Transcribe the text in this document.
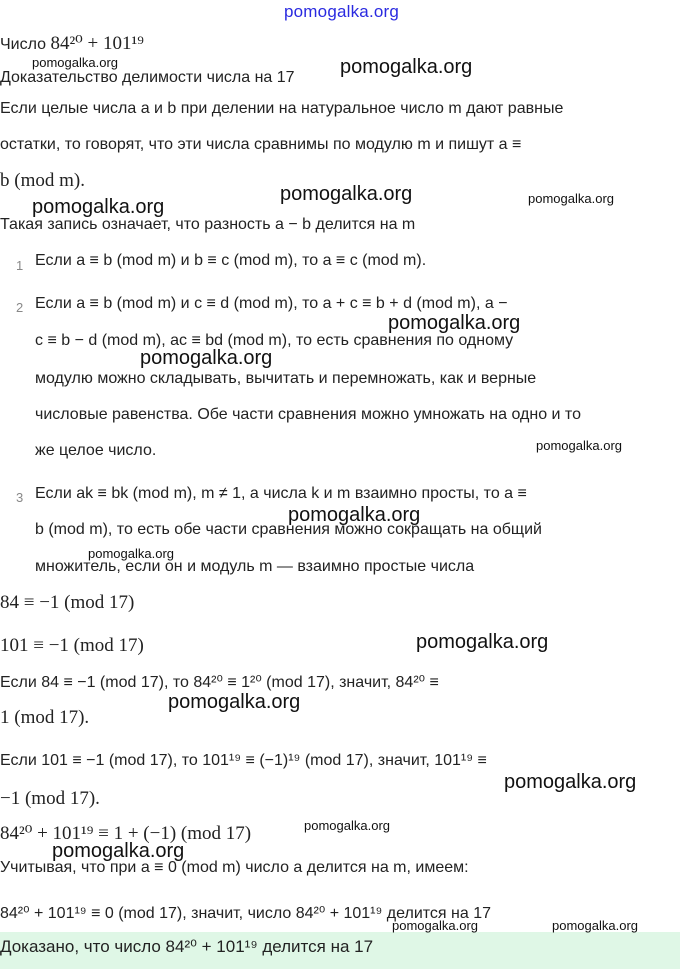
pomogalka.org
Число 84²⁰ + 101¹⁹
Доказательство делимости числа на 17
Если целые числа a и b при делении на натуральное число m дают равные
остатки, то говорят, что эти числа сравнимы по модулю m и пишут a ≡
b (mod m).
Такая запись означает, что разность a − b делится на m
1 Если a ≡ b (mod m) и b ≡ c (mod m), то a ≡ c (mod m).
2 Если a ≡ b (mod m) и c ≡ d (mod m), то a + c ≡ b + d (mod m), a −
c ≡ b − d (mod m), ac ≡ bd (mod m), то есть сравнения по одному
модулю можно складывать, вычитать и перемножать, как и верные
числовые равенства. Обе части сравнения можно умножать на одно и то
же целое число.
3 Если ak ≡ bk (mod m), m ≠ 1, а числа k и m взаимно просты, то a ≡
b (mod m), то есть обе части сравнения можно сокращать на общий
множитель, если он и модуль m — взаимно простые числа
84 ≡ −1 (mod 17)
101 ≡ −1 (mod 17)
Если 84 ≡ −1 (mod 17), то 84²⁰ ≡ 1²⁰ (mod 17), значит, 84²⁰ ≡
1 (mod 17).
Если 101 ≡ −1 (mod 17), то 101¹⁹ ≡ (−1)¹⁹ (mod 17), значит, 101¹⁹ ≡
−1 (mod 17).
84²⁰ + 101¹⁹ ≡ 1 + (−1) (mod 17)
Учитывая, что при a ≡ 0 (mod m) число a делится на m, имеем:
84²⁰ + 101¹⁹ ≡ 0 (mod 17), значит, число 84²⁰ + 101¹⁹ делится на 17
Доказано, что число 84²⁰ + 101¹⁹ делится на 17
pomogalka.org
pomogalka.org
pomogalka.org
pomogalka.org	pomogalka.org
pomogalka.org
pomogalka.org
pomogalka.org
pomogalka.org
pomogalka.org
pomogalka.org
pomogalka.org
pomogalka.org
pomogalka.org
pomogalka.org
pomogalka.org	pomogalka.org
